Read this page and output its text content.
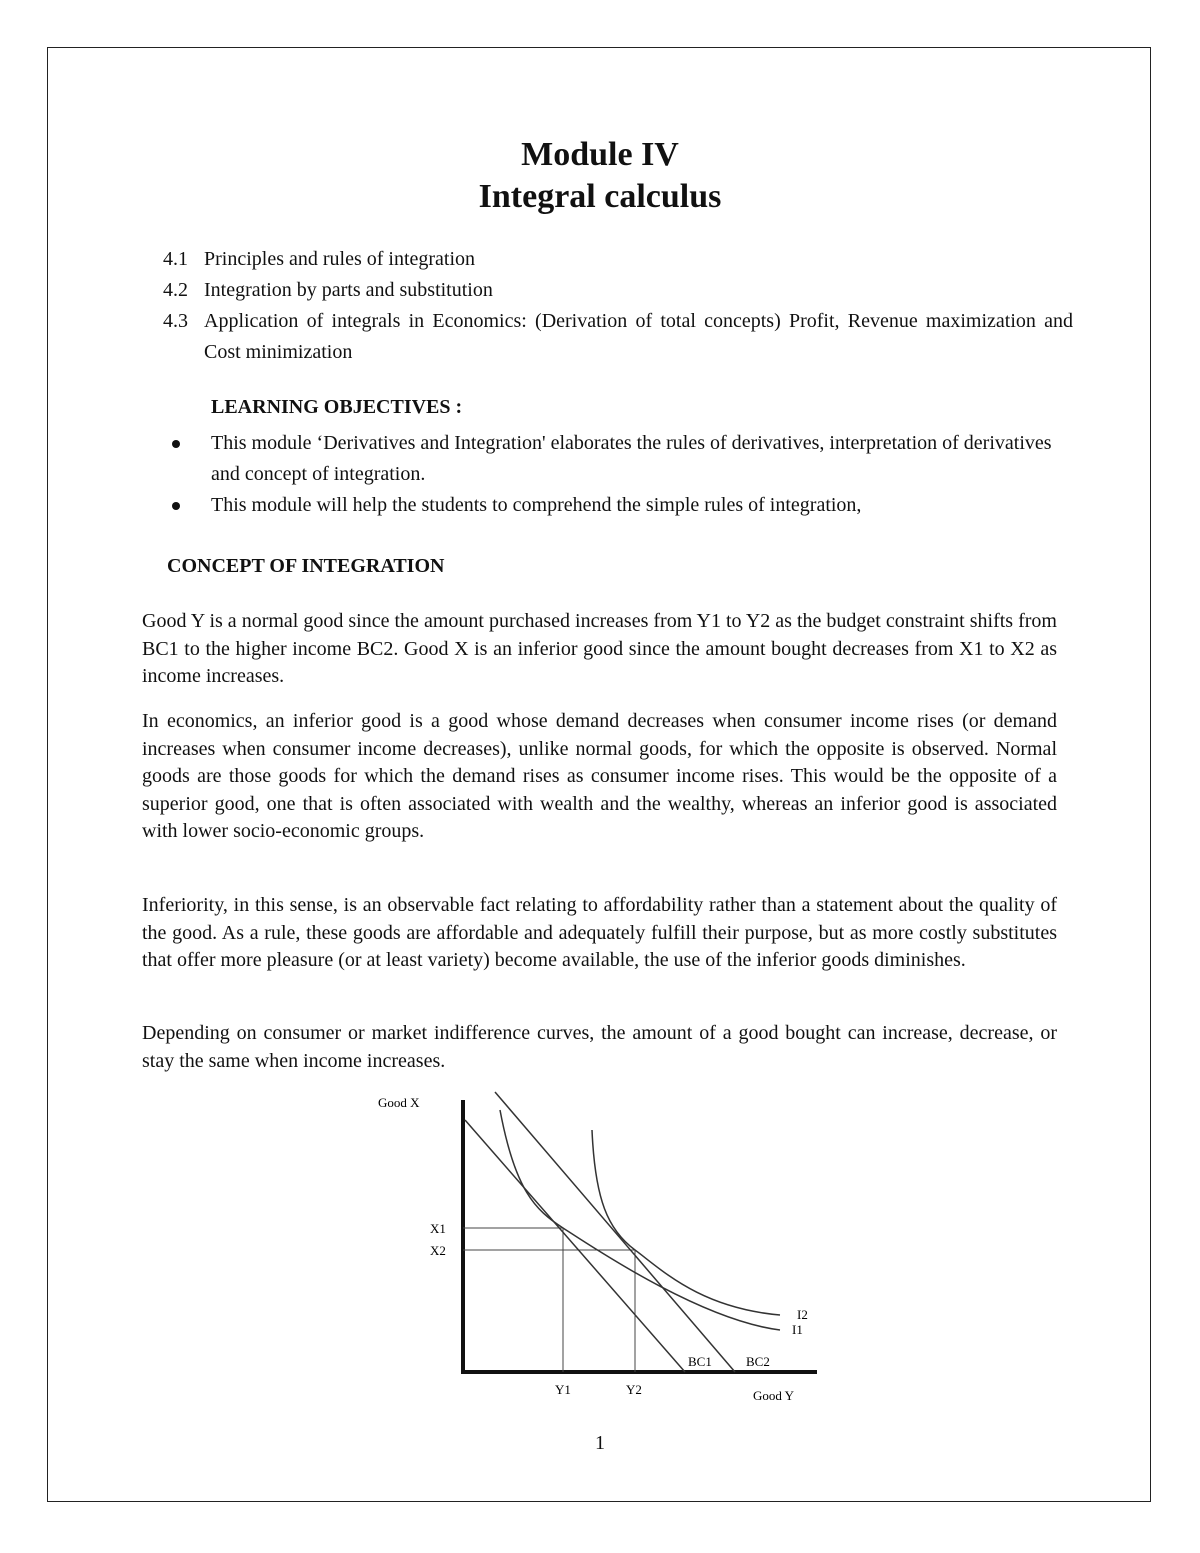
Module IV
Integral calculus
4.1 Principles and rules of integration
4.2 Integration by parts and substitution
4.3 Application of integrals in Economics: (Derivation of total concepts) Profit, Revenue maximization and Cost minimization
LEARNING OBJECTIVES :
This module ‘Derivatives and Integration' elaborates the rules of derivatives, interpretation of derivatives and concept of integration.
This module will help the students to comprehend the simple rules of integration,
CONCEPT OF INTEGRATION

Good Y is a normal good since the amount purchased increases from Y1 to Y2 as the budget constraint shifts from BC1 to the higher income BC2. Good X is an inferior good since the amount bought decreases from X1 to X2 as income increases.

In economics, an inferior good is a good whose demand decreases when consumer income rises (or demand increases when consumer income decreases), unlike normal goods, for which the opposite is observed. Normal goods are those goods for which the demand rises as consumer income rises. This would be the opposite of a superior good, one that is often associated with wealth and the wealthy, whereas an inferior good is associated with lower socio-economic groups.

Inferiority, in this sense, is an observable fact relating to affordability rather than a statement about the quality of the good. As a rule, these goods are affordable and adequately fulfill their purpose, but as more costly substitutes that offer more pleasure (or at least variety) become available, the use of the inferior goods diminishes.

Depending on consumer or market indifference curves, the amount of a good bought can increase, decrease, or stay the same when income increases.

Good X
Good Y
X1
X2
Y1	Y2
BC1	BC2
I2
I1
1
